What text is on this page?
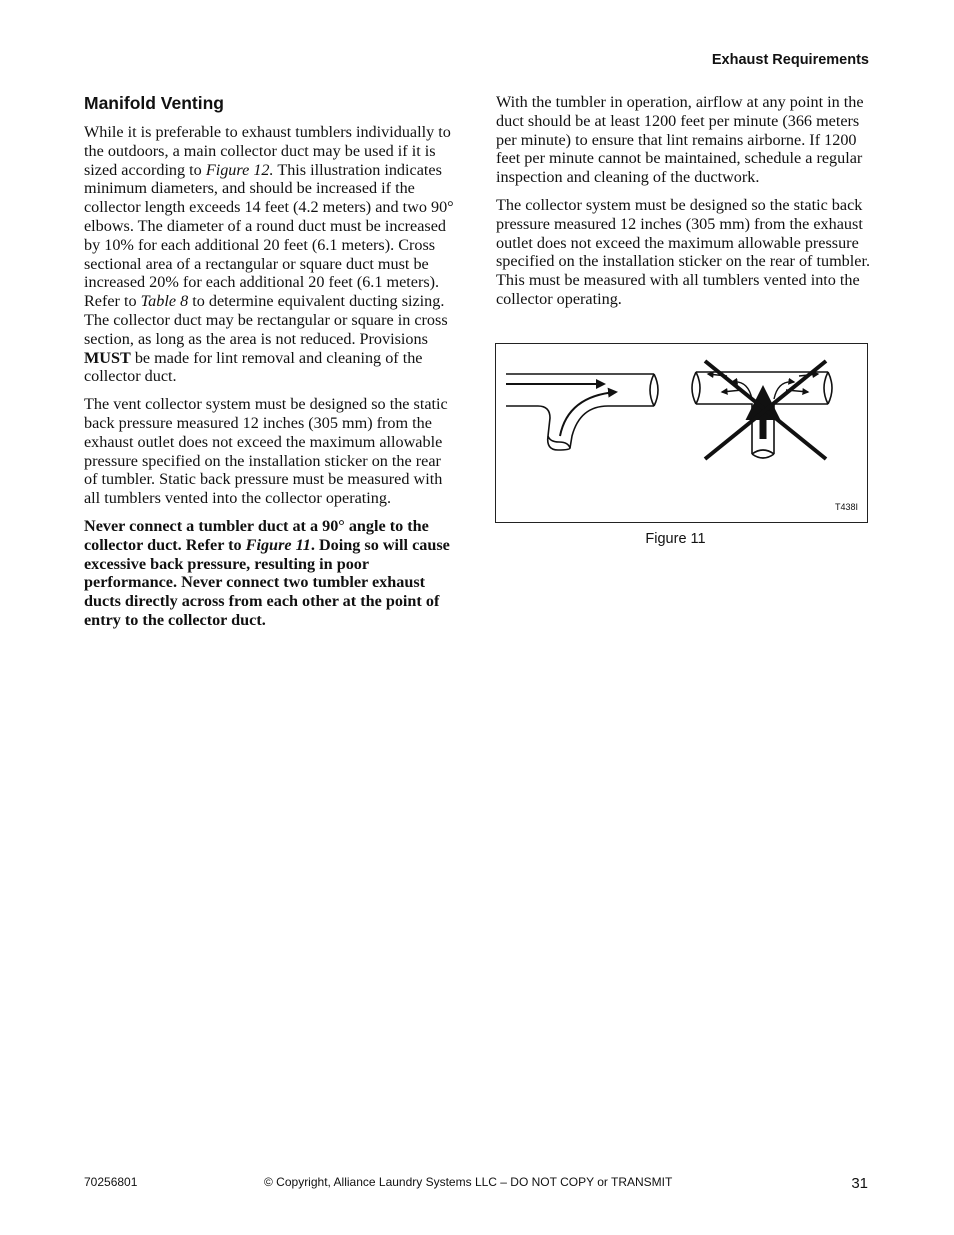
Exhaust Requirements
Manifold Venting

While it is preferable to exhaust tumblers individually to the outdoors, a main collector duct may be used if it is sized according to Figure 12. This illustration indicates minimum diameters, and should be increased if the collector length exceeds 14 feet (4.2 meters) and two 90° elbows. The diameter of a round duct must be increased by 10% for each additional 20 feet (6.1 meters). Cross sectional area of a rectangular or square duct must be increased 20% for each additional 20 feet (6.1 meters). Refer to Table 8 to determine equivalent ducting sizing. The collector duct may be rectangular or square in cross section, as long as the area is not reduced. Provisions MUST be made for lint removal and cleaning of the collector duct.

The vent collector system must be designed so the static back pressure measured 12 inches (305 mm) from the exhaust outlet does not exceed the maximum allowable pressure specified on the installation sticker on the rear of tumbler. Static back pressure must be measured with all tumblers vented into the collector operating.

Never connect a tumbler duct at a 90° angle to the collector duct. Refer to Figure 11. Doing so will cause excessive back pressure, resulting in poor performance. Never connect two tumbler exhaust ducts directly across from each other at the point of entry to the collector duct.

With the tumbler in operation, airflow at any point in the duct should be at least 1200 feet per minute (366 meters per minute) to ensure that lint remains airborne. If 1200 feet per minute cannot be maintained, schedule a regular inspection and cleaning of the ductwork.

The collector system must be designed so the static back pressure measured 12 inches (305 mm) from the exhaust outlet does not exceed the maximum allowable pressure specified on the installation sticker on the rear of tumbler. This must be measured with all tumblers vented into the collector operating.

T438I
Figure 11
70256801	© Copyright, Alliance Laundry Systems LLC – DO NOT COPY or TRANSMIT	31
